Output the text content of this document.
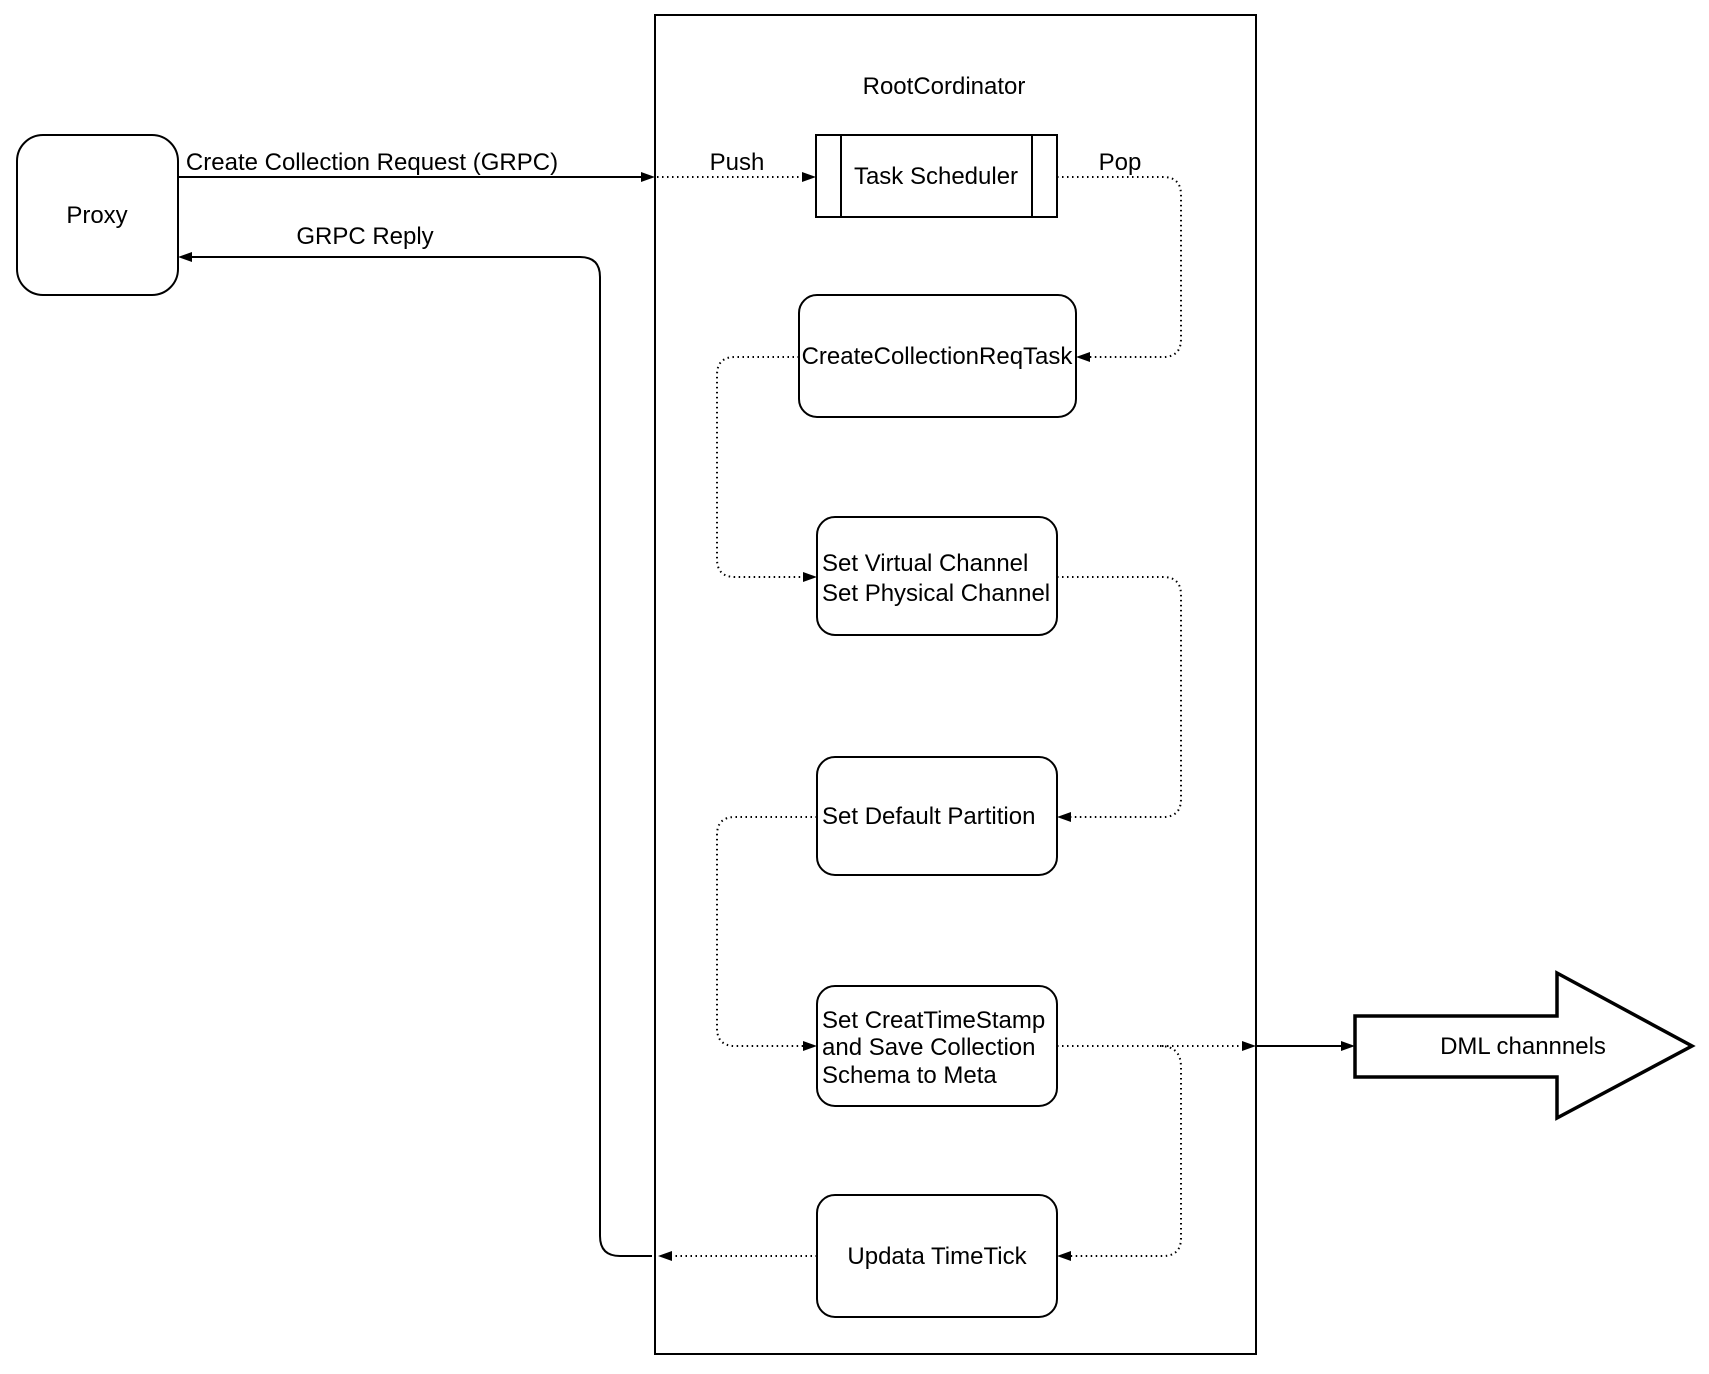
RootCordinator
Proxy
Create Collection Request (GRPC)
GRPC Reply
Push	Pop
Task Scheduler
CreateCollectionReqTask
Set Virtual Channel
Set Physical Channel
Set Default Partition
Set CreatTimeStamp
and Save Collection
Schema to Meta
Updata TimeTick
DML channnels
